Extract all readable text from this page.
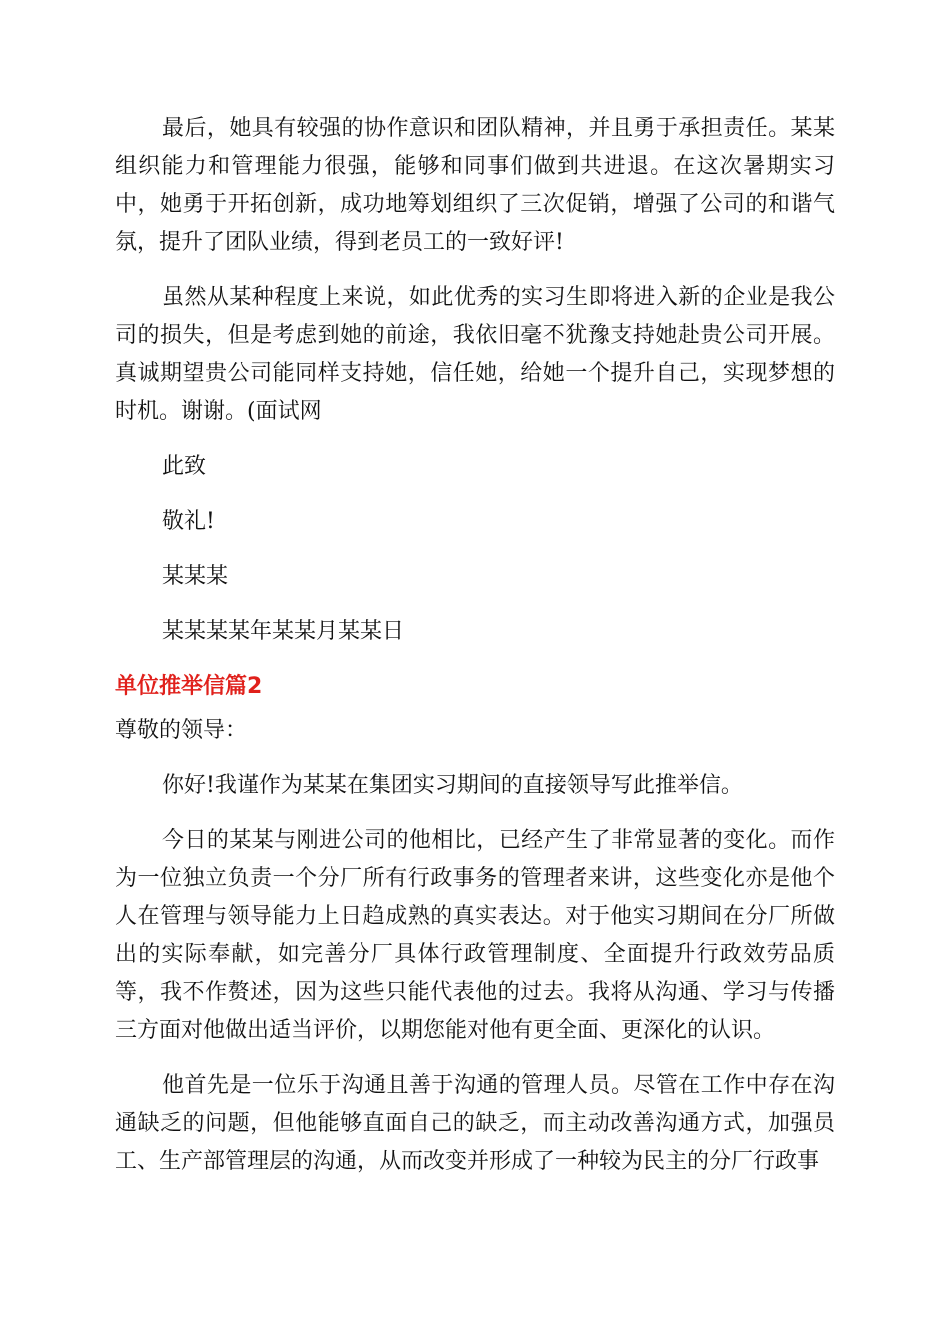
最后，她具有较强的协作意识和团队精神，并且勇于承担责任。某某组织能力和管理能力很强，能够和同事们做到共进退。在这次暑期实习中，她勇于开拓创新，成功地筹划组织了三次促销，增强了公司的和谐气氛，提升了团队业绩，得到老员工的一致好评!

虽然从某种程度上来说，如此优秀的实习生即将进入新的企业是我公司的损失，但是考虑到她的前途，我依旧毫不犹豫支持她赴贵公司开展。真诚期望贵公司能同样支持她，信任她，给她一个提升自己，实现梦想的时机。谢谢。(面试网

此致

敬礼!

某某某

某某某某年某某月某某日

单位推举信篇2

尊敬的领导：

你好!我谨作为某某在集团实习期间的直接领导写此推举信。

今日的某某与刚进公司的他相比，已经产生了非常显著的变化。而作为一位独立负责一个分厂所有行政事务的管理者来讲，这些变化亦是他个人在管理与领导能力上日趋成熟的真实表达。对于他实习期间在分厂所做出的实际奉献，如完善分厂具体行政管理制度、全面提升行政效劳品质等，我不作赘述，因为这些只能代表他的过去。我将从沟通、学习与传播三方面对他做出适当评价，以期您能对他有更全面、更深化的认识。

他首先是一位乐于沟通且善于沟通的管理人员。尽管在工作中存在沟通缺乏的问题，但他能够直面自己的缺乏，而主动改善沟通方式，加强员工、生产部管理层的沟通，从而改变并形成了一种较为民主的分厂行政事
